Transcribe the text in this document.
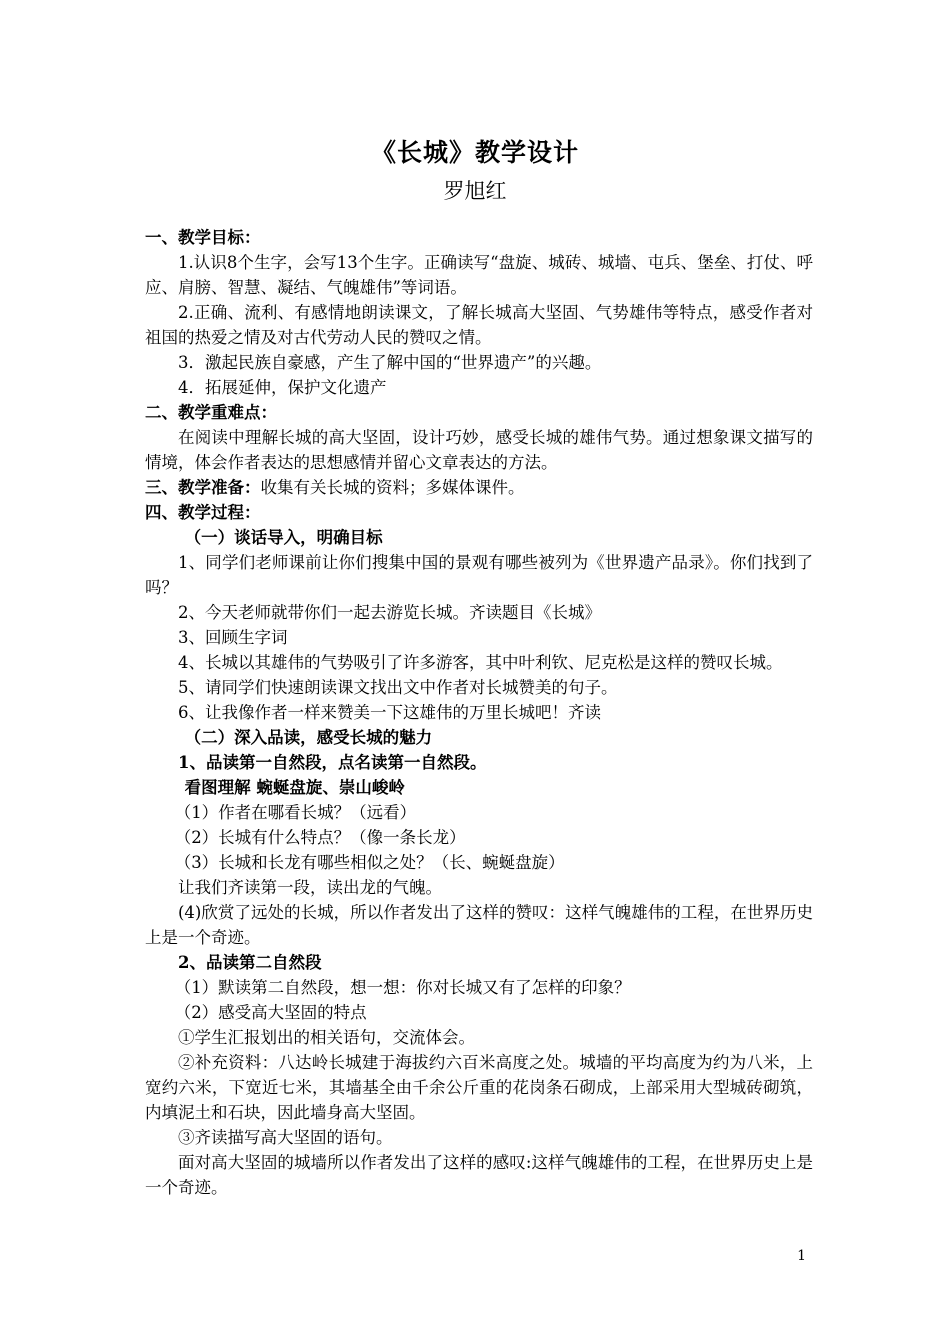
《长城》教学设计
罗旭红

一、教学目标：

1.认识8个生字，会写13个生字。正确读写“盘旋、城砖、城墙、屯兵、堡垒、打仗、呼应、肩膀、智慧、凝结、气魄雄伟”等词语。

2.正确、流利、有感情地朗读课文，了解长城高大坚固、气势雄伟等特点，感受作者对祖国的热爱之情及对古代劳动人民的赞叹之情。

3．激起民族自豪感，产生了解中国的“世界遗产”的兴趣。

4．拓展延伸，保护文化遗产

二、教学重难点：

在阅读中理解长城的高大坚固，设计巧妙，感受长城的雄伟气势。通过想象课文描写的情境，体会作者表达的思想感情并留心文章表达的方法。

三、教学准备：收集有关长城的资料；多媒体课件。

四、教学过程：

（一）谈话导入，明确目标

1、同学们老师课前让你们搜集中国的景观有哪些被列为《世界遗产品录》。你们找到了吗？

2、今天老师就带你们一起去游览长城。齐读题目《长城》

3、回顾生字词

4、长城以其雄伟的气势吸引了许多游客，其中叶利钦、尼克松是这样的赞叹长城。

5、请同学们快速朗读课文找出文中作者对长城赞美的句子。

6、让我像作者一样来赞美一下这雄伟的万里长城吧！齐读

（二）深入品读，感受长城的魅力

1、品读第一自然段，点名读第一自然段。

看图理解 蜿蜒盘旋、崇山峻岭

（1）作者在哪看长城？（远看）

（2）长城有什么特点？（像一条长龙）

（3）长城和长龙有哪些相似之处？（长、蜿蜒盘旋）

让我们齐读第一段，读出龙的气魄。

(4)欣赏了远处的长城，所以作者发出了这样的赞叹：这样气魄雄伟的工程，在世界历史上是一个奇迹。

2、品读第二自然段

（1）默读第二自然段，想一想：你对长城又有了怎样的印象？

（2）感受高大坚固的特点

①学生汇报划出的相关语句，交流体会。

②补充资料：八达岭长城建于海拔约六百米高度之处。城墙的平均高度为约为八米，上宽约六米，下宽近七米，其墙基全由千余公斤重的花岗条石砌成，上部采用大型城砖砌筑，内填泥土和石块，因此墙身高大坚固。

③齐读描写高大坚固的语句。

面对高大坚固的城墙所以作者发出了这样的感叹:这样气魄雄伟的工程，在世界历史上是一个奇迹。

1
